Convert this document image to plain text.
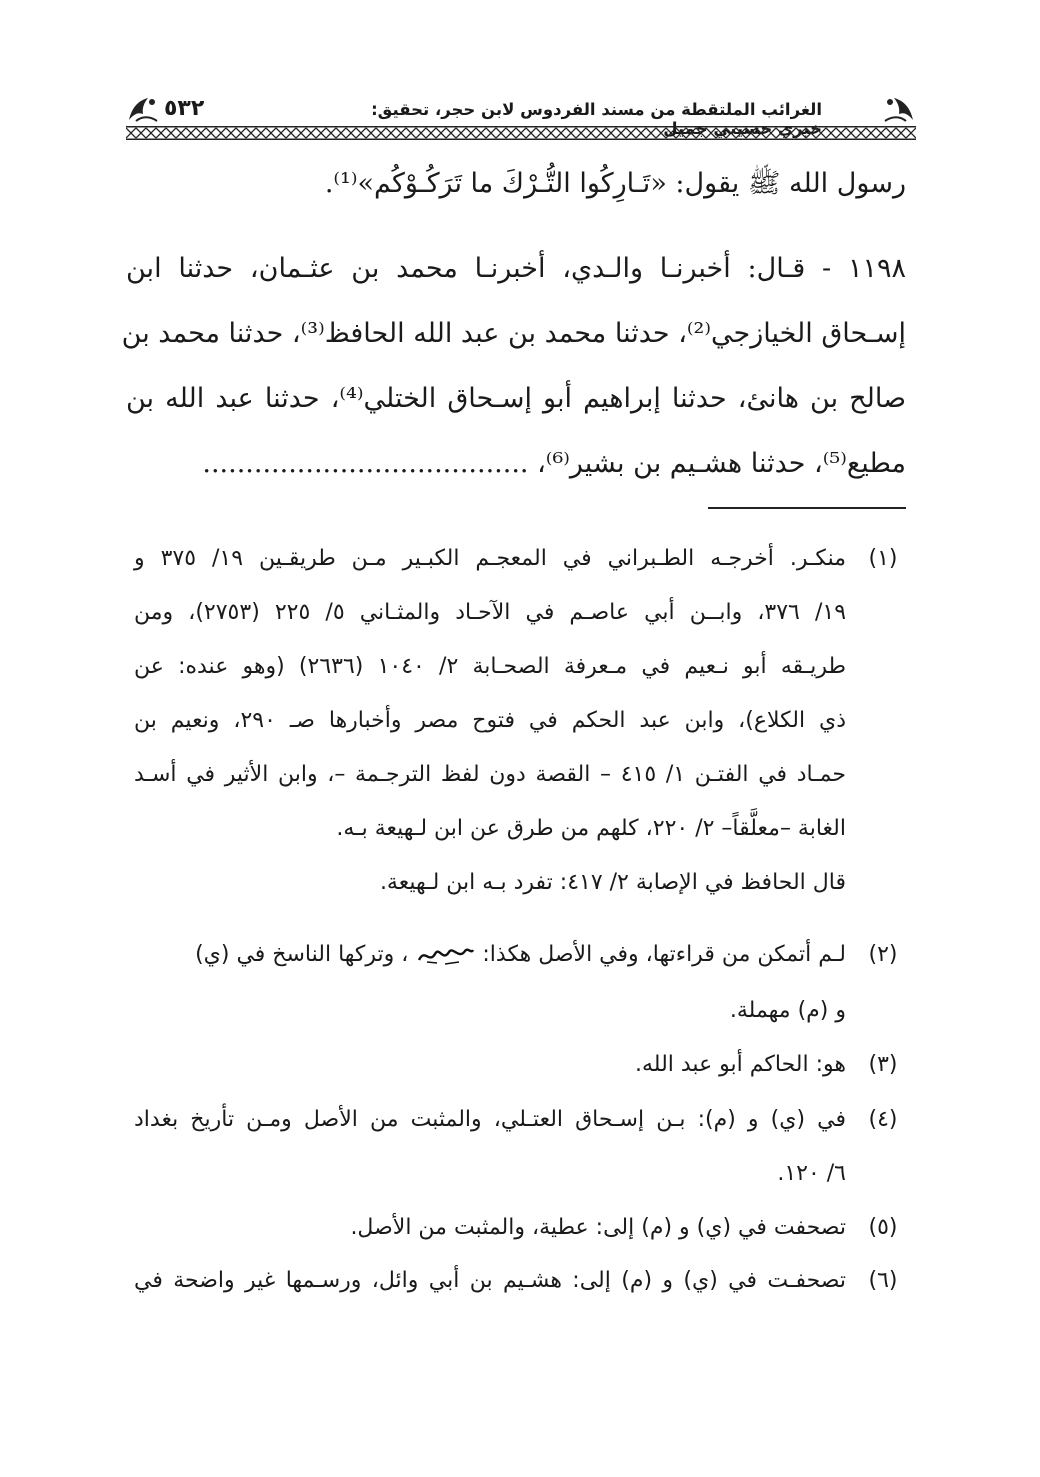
٥٣٢	الغرائب الملتقطة من مسند الفردوس لابن حجر، تحقيق:
رسول الله ﷺ يقول: «تَـارِكُوا التُّـرْكَ ما تَرَكُـوْكُم»⁽¹⁾.
١١٩٨ - قـال: أخبرنـا والـدي، أخبرنـا محمد بن عثـمان، حدثنا ابن
إسـحاق الخيازجي⁽²⁾، حدثنا محمد بن عبد الله الحافظ⁽³⁾، حدثنا محمد بن
صالح بن هانئ، حدثنا إبراهيم أبو إسـحاق الختلي⁽⁴⁾، حدثنا عبد الله بن
مطيع⁽⁵⁾، حدثنا هشـيم بن بشير⁽⁶⁾، ......................................
(١)
منكـر. أخرجـه الطـبراني في المعجـم الكبـير مـن طريقـين ١٩/ ٣٧٥ و
١٩/ ٣٧٦، وابــن أبي عاصـم في الآحـاد والمثـاني ٥/ ٢٢٥ (٢٧٥٣)، ومن
طريـقه أبو نـعيم في مـعرفة الصحـابة ٢/ ١٠٤٠ (٢٦٣٦) (وهو عنده: عن
ذي الكلاع)، وابن عبد الحكم في فتوح مصر وأخبارها صـ ٢٩٠، ونعيم بن
حمـاد في الفتـن ١/ ٤١٥ – القصة دون لفظ الترجـمة –، وابن الأثير في أسـد
الغابة –معلَّقاً– ٢/ ٢٢٠، كلهم من طرق عن ابن لـهيعة بـه.
قال الحافظ في الإصابة ٢/ ٤١٧: تفرد بـه ابن لـهيعة.
(٢)
لـم أتمكن من قراءتها، وفي الأصل هكذا:  ، وتركها الناسخ في (ي)
و (م) مهملة.
(٣)
هو: الحاكم أبو عبد الله.
(٤)
في (ي) و (م): بـن إسـحاق العتـلي، والمثبت من الأصل ومـن تأريخ بغداد
٦/ ١٢٠.
(٥)
تصحفت في (ي) و (م) إلى: عطية، والمثبت من الأصل.
(٦)
تصحفـت في (ي) و (م) إلى: هشـيم بن أبي وائل، ورسـمها غير واضحة في
